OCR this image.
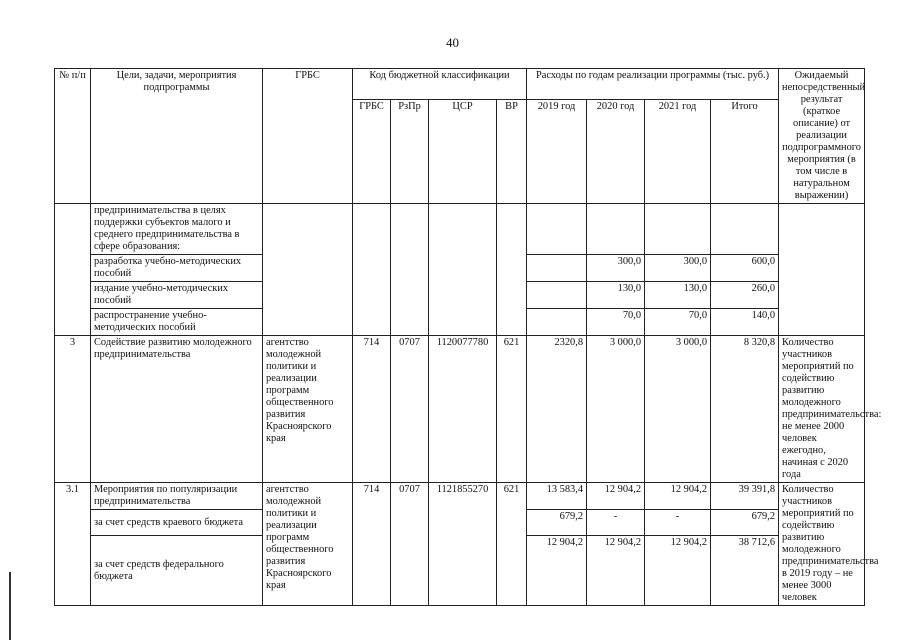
40
№ п/п	Цели, задачи, мероприятия подпрограммы	ГРБС	Код бюджетной классификации				Расходы по годам реализации программы (тыс. руб.)				Ожидаемый непосредственный результат (краткое описание) от реализации подпрограммного мероприятия (в том числе в натуральном выражении)
			ГРБС	РзПр	ЦСР	ВР	2019 год	2020 год	2021 год	Итого	
	предпринимательства в целях поддержки субъектов малого и среднего предпринимательства в сфере образования:										
	разработка учебно-методических пособий							300,0	300,0	600,0	
	издание учебно-методических пособий							130,0	130,0	260,0	
	распространение учебно-методических пособий							70,0	70,0	140,0	
3	Содействие развитию молодежного предпринимательства	агентство молодежной политики и реализации программ общественного развития Красноярского края	714	0707	1120077780	621	2320,8	3 000,0	3 000,0	8 320,8	Количество участников мероприятий по содействию развитию молодежного предпринимательства: не менее 2000 человек ежегодно, начиная с 2020 года
3.1	Мероприятия по популяризации предпринимательства	агентство молодежной политики и реализации программ общественного развития Красноярского края	714	0707	1121855270	621	13 583,4	12 904,2	12 904,2	39 391,8	Количество участников мероприятий по содействию развитию молодежного предпринимательства в 2019 году – не менее 3000 человек
	за счет средств краевого бюджета						679,2	-	-	679,2	
	за счет средств федерального бюджета						12 904,2	12 904,2	12 904,2	38 712,6	
